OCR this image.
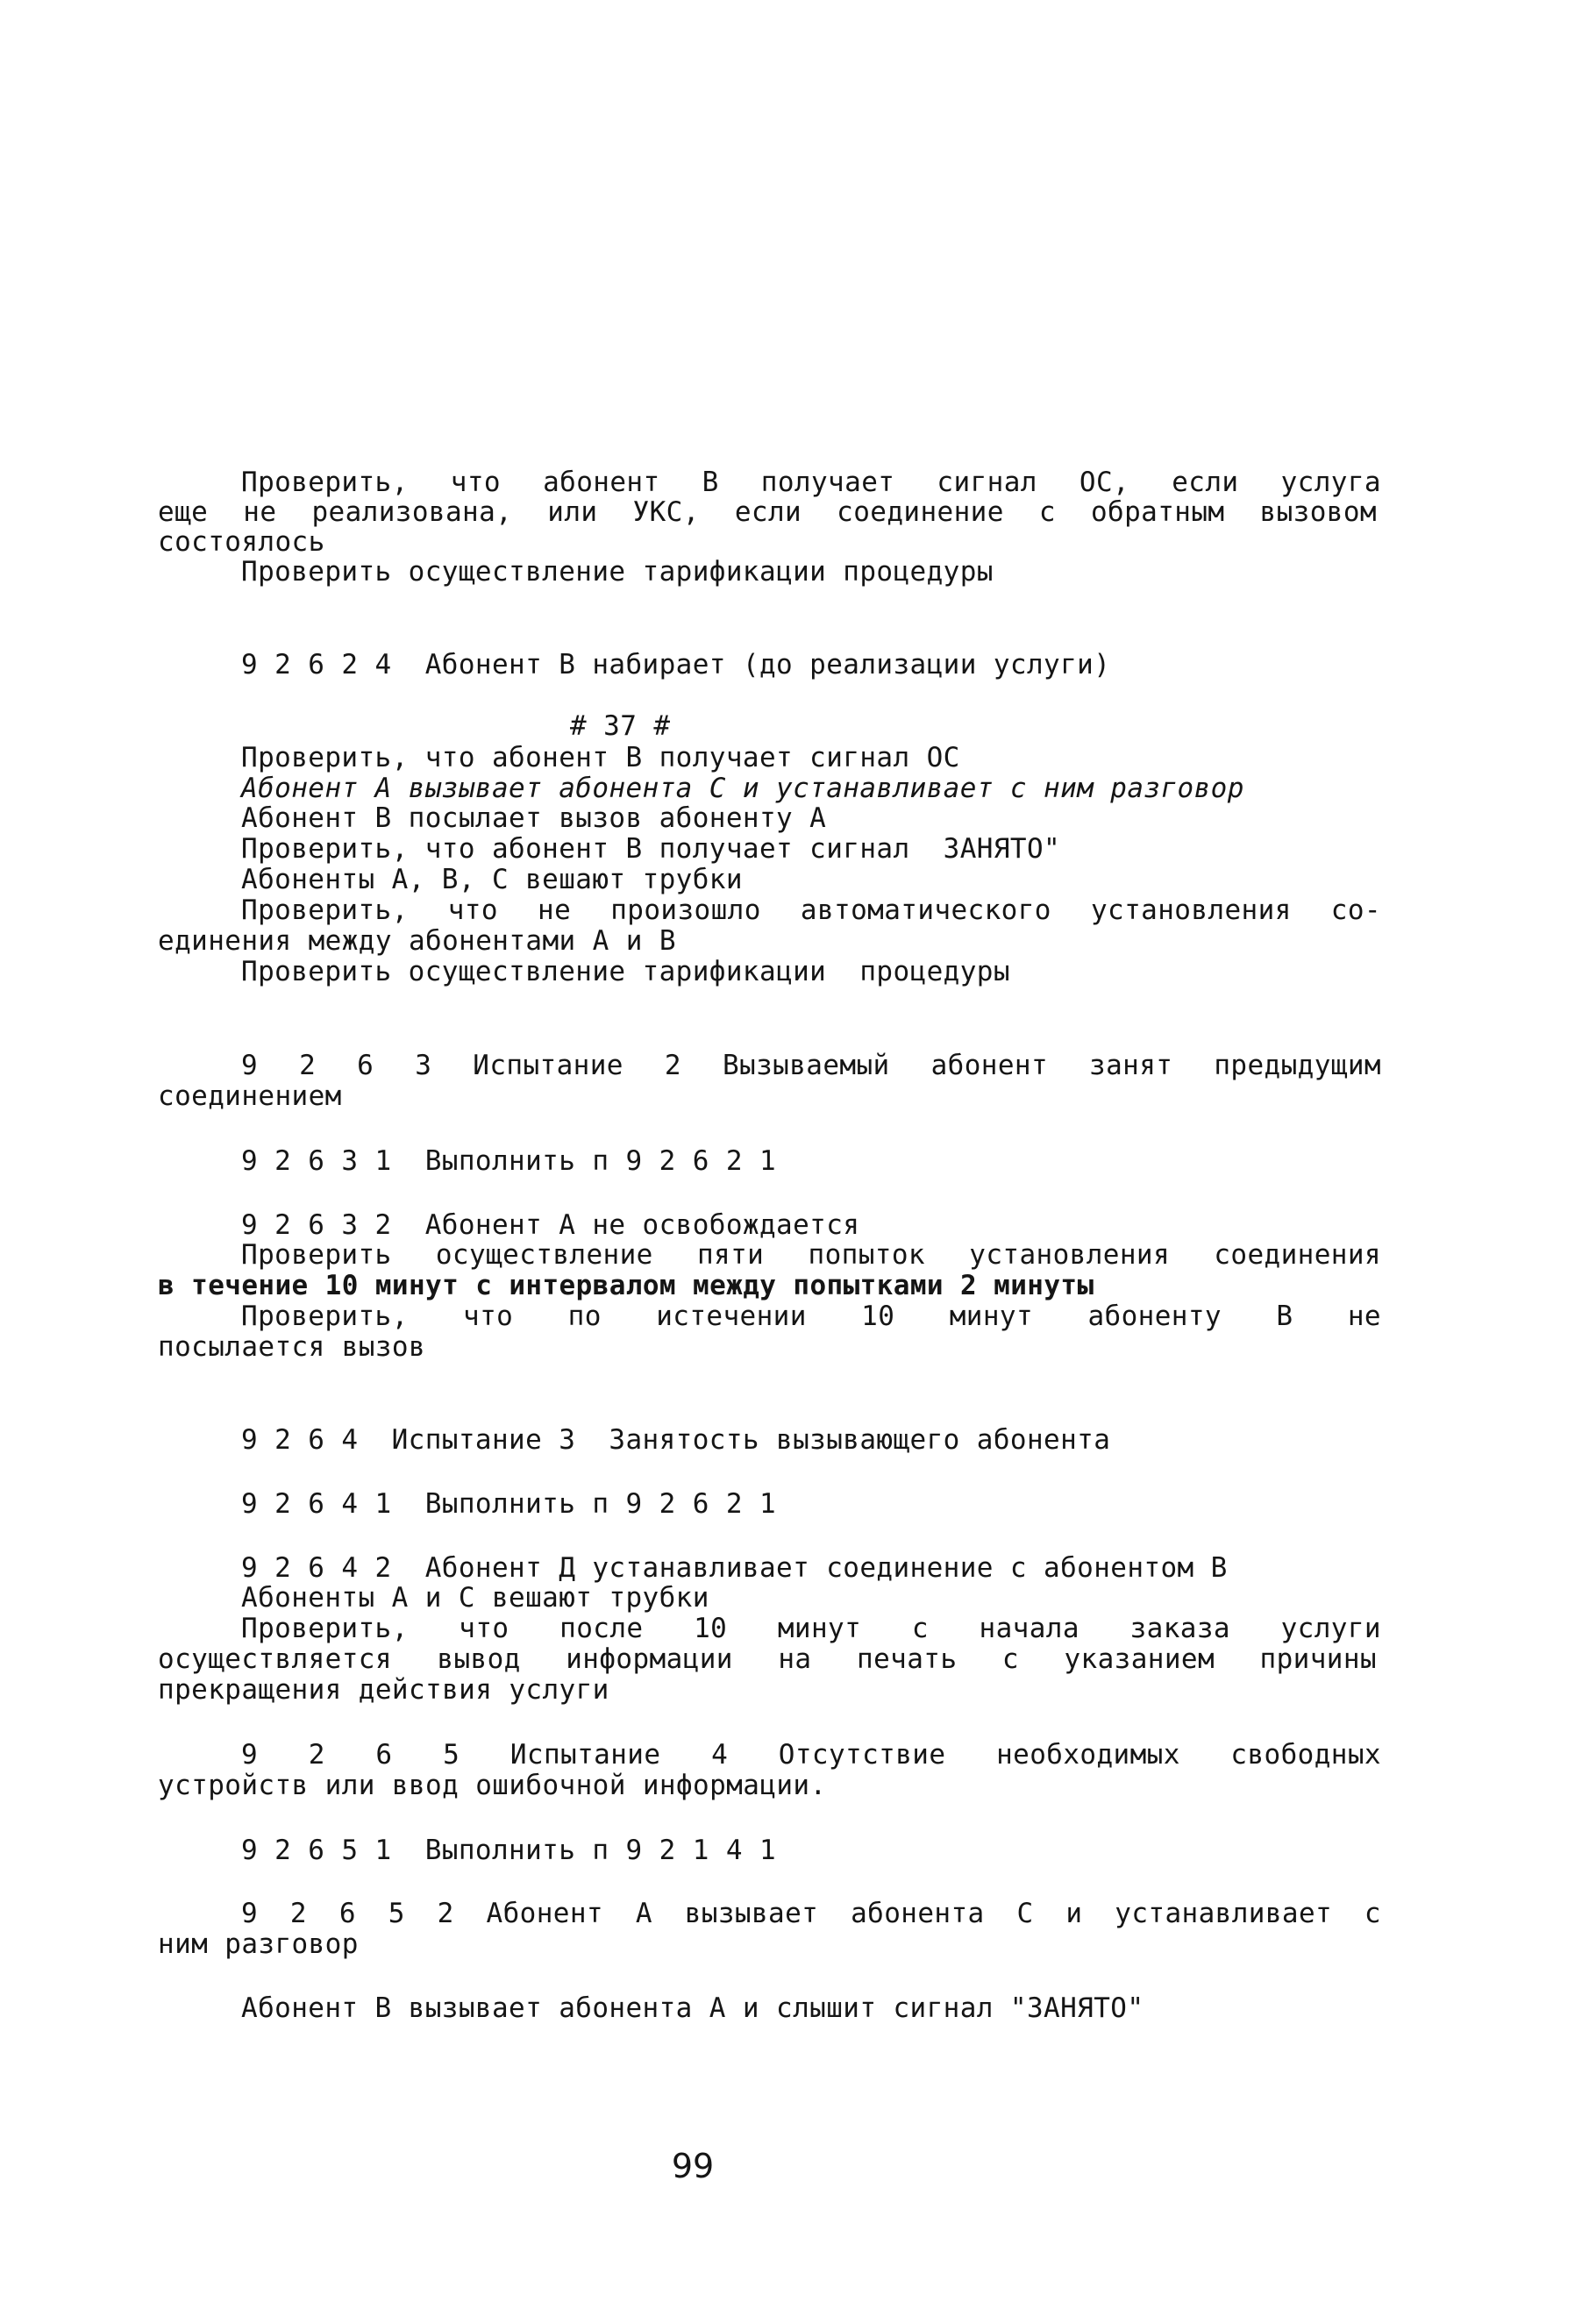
Проверить, что абонент В получает сигнал ОС, если услуга
еще не реализована, или УКС, если соединение с обратным вызовом
состоялось
Проверить осуществление тарификации процедуры
9 2 6 2 4  Абонент В набирает (до реализации услуги)
# 37 #
Проверить, что абонент В получает сигнал ОС
Абонент А вызывает абонента С и устанавливает с ним разговор
Абонент В посылает вызов абоненту А
Проверить, что абонент В получает сигнал  ЗАНЯТО"
Абоненты А, В, С вешают трубки
Проверить, что не произошло автоматического установления со-
единения между абонентами А и В
Проверить осуществление тарификации  процедуры
9 2 6 3 Испытание 2 Вызываемый абонент занят предыдущим
соединением
9 2 6 3 1  Выполнить п 9 2 6 2 1
9 2 6 3 2  Абонент А не освобождается
Проверить осуществление пяти попыток установления соединения
в течение 10 минут с интервалом между попытками 2 минуты
Проверить, что по истечении 10 минут абоненту В не
посылается вызов
9 2 6 4  Испытание 3  Занятость вызывающего абонента
9 2 6 4 1  Выполнить п 9 2 6 2 1
9 2 6 4 2  Абонент Д устанавливает соединение с абонентом В
Абоненты А и С вешают трубки
Проверить, что после 10 минут с начала заказа услуги
осуществляется вывод информации на печать с указанием причины
прекращения действия услуги
9 2 6 5 Испытание 4 Отсутствие необходимых свободных
устройств или ввод ошибочной информации.
9 2 6 5 1  Выполнить п 9 2 1 4 1
9 2 6 5 2 Абонент А вызывает абонента С и устанавливает с
ним разговор
Абонент В вызывает абонента А и слышит сигнал "ЗАНЯТО"
99
